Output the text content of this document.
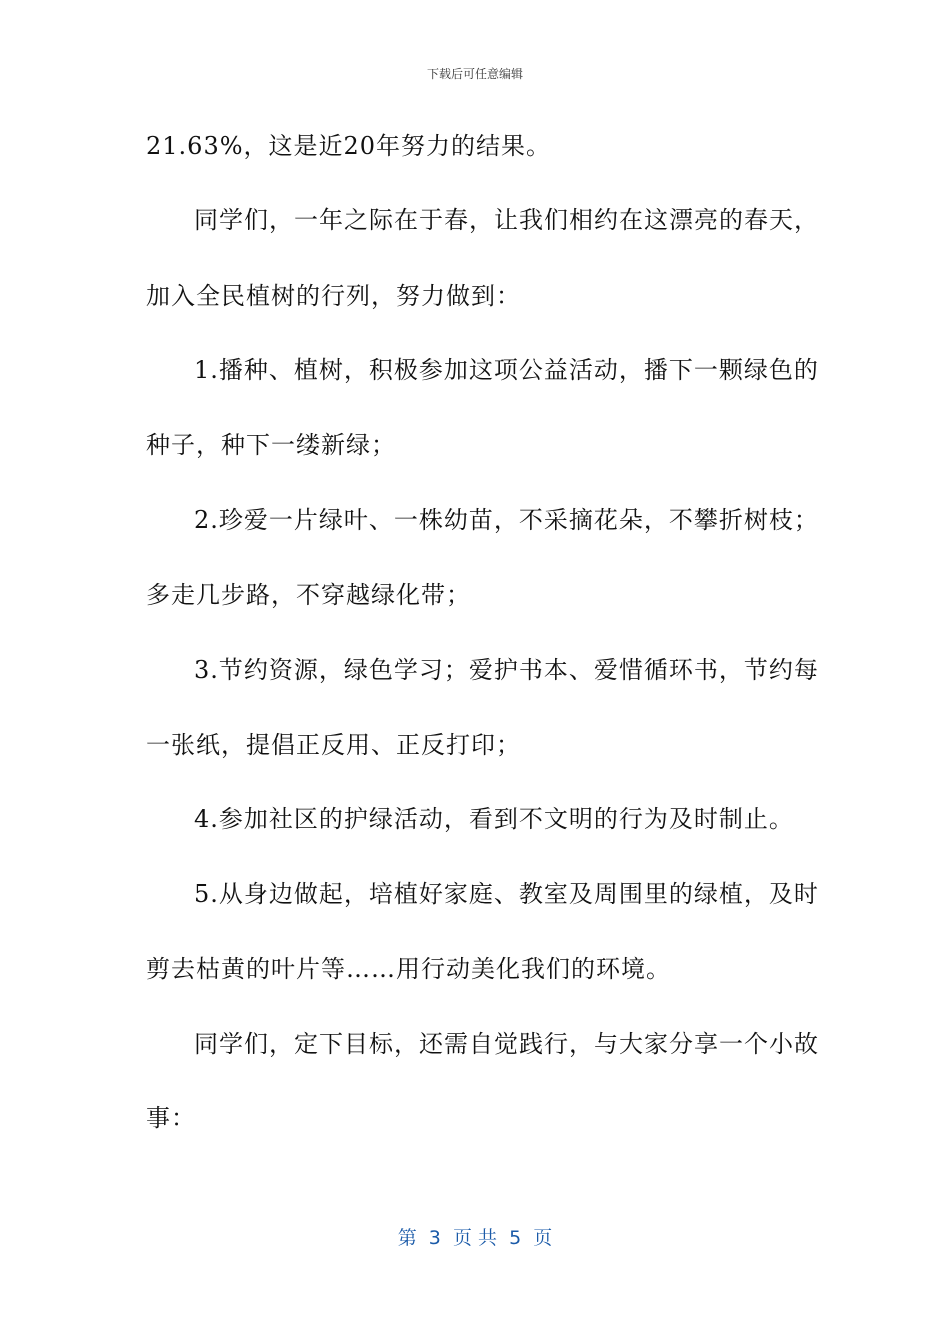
下载后可任意编辑
21.63%，这是近20年努力的结果。
同学们，一年之际在于春，让我们相约在这漂亮的春天，
加入全民植树的行列，努力做到：
1.播种、植树，积极参加这项公益活动，播下一颗绿色的
种子，种下一缕新绿；
2.珍爱一片绿叶、一株幼苗，不采摘花朵，不攀折树枝；
多走几步路，不穿越绿化带；
3.节约资源，绿色学习；爱护书本、爱惜循环书，节约每
一张纸，提倡正反用、正反打印；
4.参加社区的护绿活动，看到不文明的行为及时制止。
5.从身边做起，培植好家庭、教室及周围里的绿植，及时
剪去枯黄的叶片等……用行动美化我们的环境。
同学们，定下目标，还需自觉践行，与大家分享一个小故
事：
第  3  页 共  5  页
